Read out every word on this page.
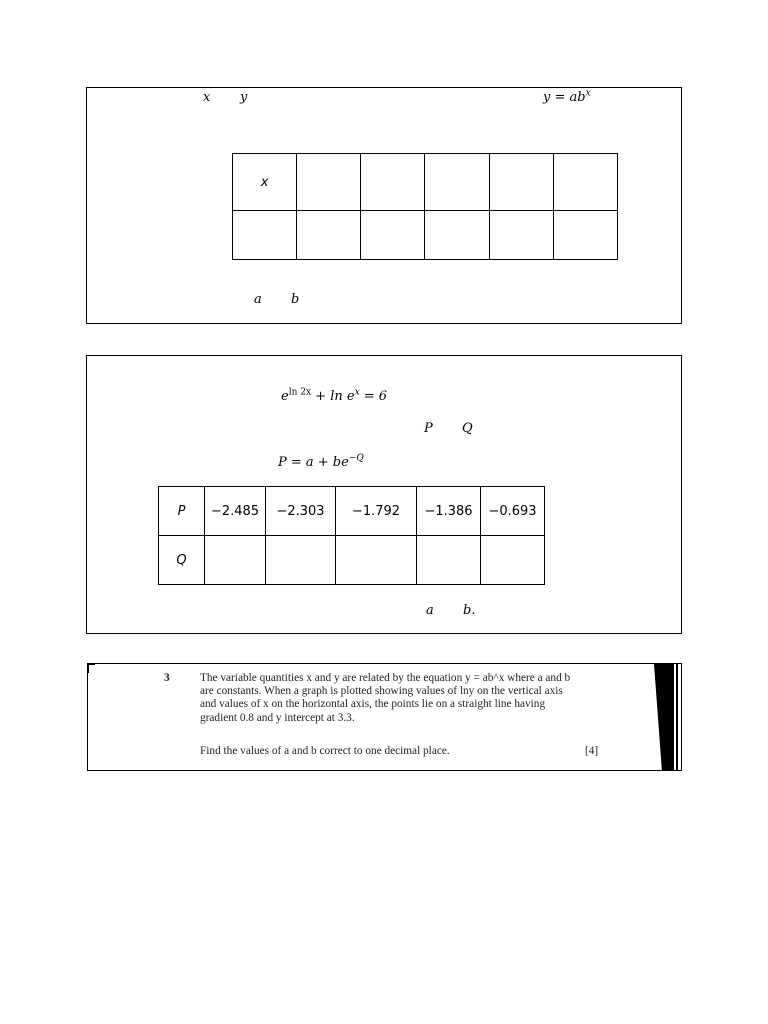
x y	$y = ab^x$
x					

a b
$e^{ln 2x} + \ln e^x = 6$
P Q
$P = a + be^{-Q}$
P	−2.485	−2.303	−1.792	−1.386	−0.693
Q					
a b.
3	The variable quantities x and y are related by the equation y = ab^x where a and b are constants. When a graph is plotted showing values of lny on the vertical axis and values of x on the horizontal axis, the points lie on a straight line having gradient 0.8 and y intercept at 3.3.
Find the values of a and b correct to one decimal place.	[4]
